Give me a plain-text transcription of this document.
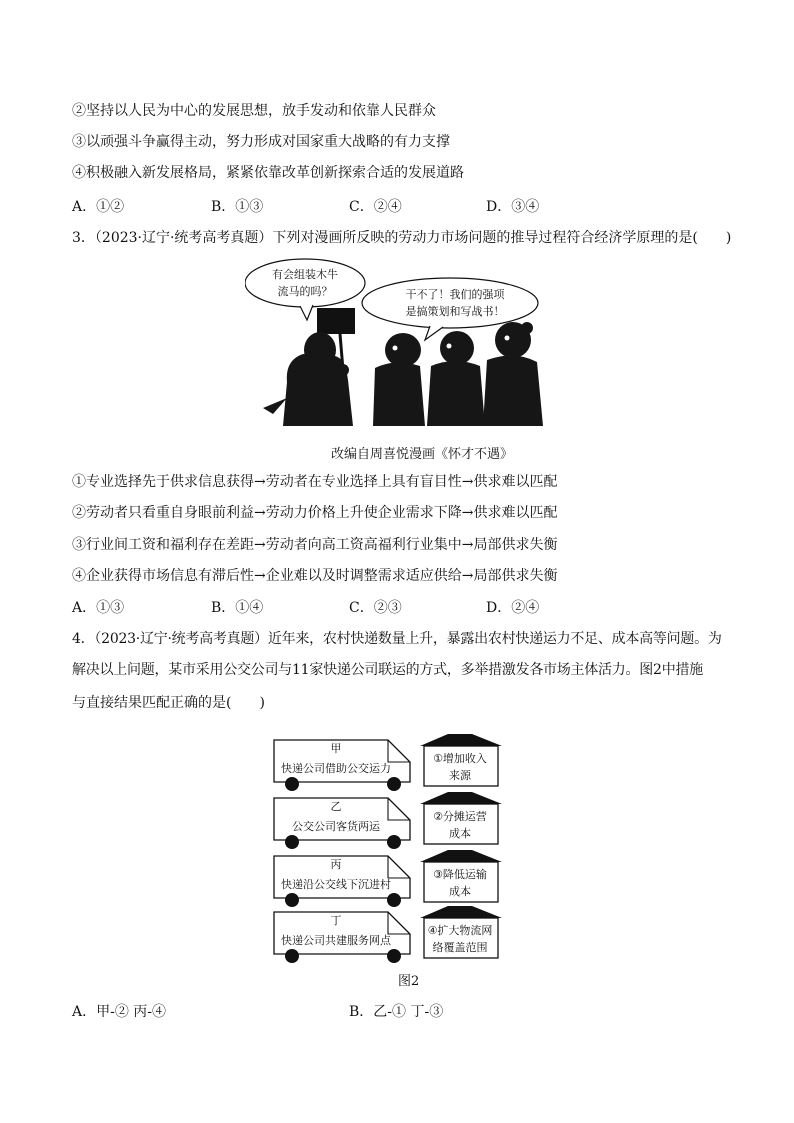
②坚持以人民为中心的发展思想，放手发动和依靠人民群众
③以顽强斗争赢得主动，努力形成对国家重大战略的有力支撑
④积极融入新发展格局，紧紧依靠改革创新探索合适的发展道路
A．①②	B．①③	C．②④	D．③④
3．（2023·辽宁·统考高考真题）下列对漫画所反映的劳动力市场问题的推导过程符合经济学原理的是(　　)
有会组装木牛
流马的吗？	干不了！我们的强项
是搞策划和写战书！
改编自周喜悦漫画《怀才不遇》
①专业选择先于供求信息获得→劳动者在专业选择上具有盲目性→供求难以匹配
②劳动者只看重自身眼前利益→劳动力价格上升使企业需求下降→供求难以匹配
③行业间工资和福利存在差距→劳动者向高工资高福利行业集中→局部供求失衡
④企业获得市场信息有滞后性→企业难以及时调整需求适应供给→局部供求失衡
A．①③	B．①④	C．②③	D．②④
4．（2023·辽宁·统考高考真题）近年来，农村快递数量上升，暴露出农村快递运力不足、成本高等问题。为
解决以上问题，某市采用公交公司与11家快递公司联运的方式，多举措激发各市场主体活力。图2中措施
与直接结果匹配正确的是(　　)
甲
快递公司借助公交运力
①增加收入
来源
乙
公交公司客货两运
②分摊运营
成本
丙
快递沿公交线下沉进村
③降低运输
成本
丁
快递公司共建服务网点
④扩大物流网
络覆盖范围
图2
A．甲-② 丙-④	B．乙-① 丁-③
